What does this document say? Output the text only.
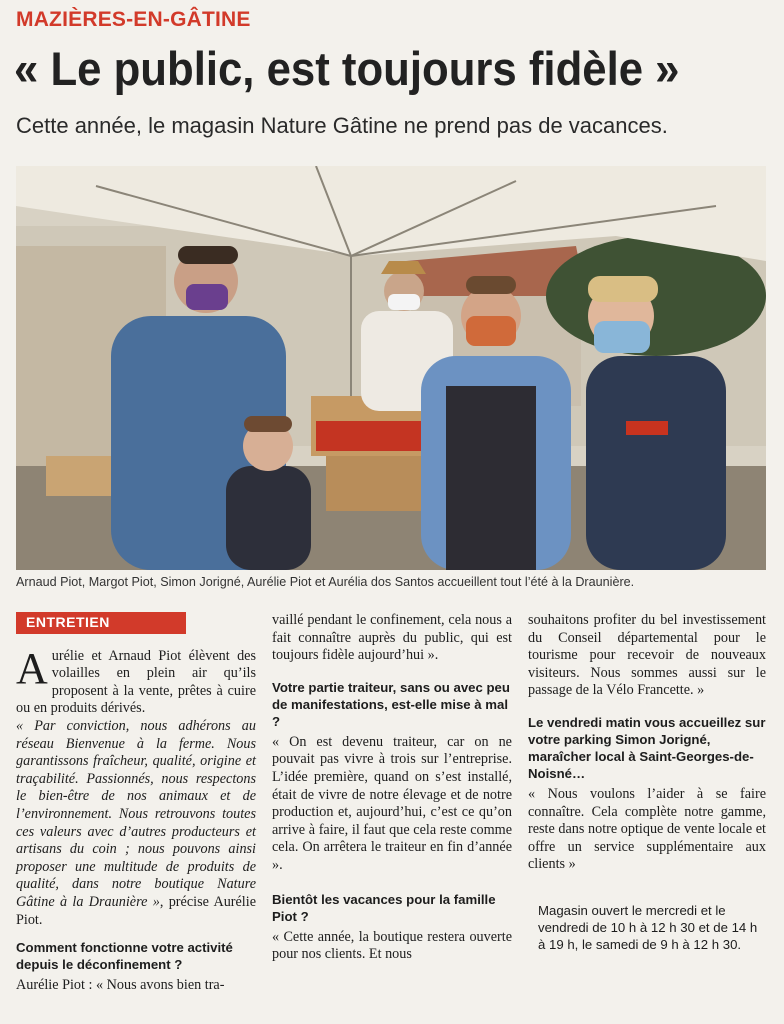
MAZIÈRES-EN-GÂTINE
« Le public, est toujours fidèle »
Cette année, le magasin Nature Gâtine ne prend pas de vacances.
Arnaud Piot, Margot Piot, Simon Jorigné, Aurélie Piot et Aurélia dos Santos accueillent tout l’été à la Draunière.
ENTRETIEN

Aurélie et Arnaud Piot élèvent des volailles en plein air qu’ils proposent à la vente, prêtes à cuire ou en produits dérivés.

« Par conviction, nous adhérons au réseau Bienvenue à la ferme. Nous garantissons fraîcheur, qualité, origine et traçabilité. Passionnés, nous respectons le bien-être de nos animaux et de l’environnement. Nous retrouvons toutes ces valeurs avec d’autres producteurs et artisans du coin ; nous pouvons ainsi proposer une multitude de produits de qualité, dans notre boutique Nature Gâtine à la Draunière », précise Aurélie Piot.

Comment fonctionne votre activité depuis le déconfinement ?

Aurélie Piot : « Nous avons bien tra-

vaillé pendant le confinement, cela nous a fait connaître auprès du public, qui est toujours fidèle aujourd’hui ».

Votre partie traiteur, sans ou avec peu de manifestations, est-elle mise à mal ?

« On est devenu traiteur, car on ne pouvait pas vivre à trois sur l’entreprise. L’idée première, quand on s’est installé, était de vivre de notre élevage et de notre production et, aujourd’hui, c’est ce qu’on arrive à faire, il faut que cela reste comme cela. On arrêtera le traiteur en fin d’année ».

Bientôt les vacances pour la famille Piot ?

« Cette année, la boutique restera ouverte pour nos clients. Et nous

souhaitons profiter du bel investissement du Conseil départemental pour le tourisme pour recevoir de nouveaux visiteurs. Nous sommes aussi sur le passage de la Vélo Francette. »

Le vendredi matin vous accueillez sur votre parking Simon Jorigné, maraîcher local à Saint-Georges-de-Noisné…

« Nous voulons l’aider à se faire connaître. Cela complète notre gamme, reste dans notre optique de vente locale et offre un service supplémentaire aux clients »

Magasin ouvert le mercredi et le vendredi de 10 h à 12 h 30 et de 14 h à 19 h, le samedi de 9 h à 12 h 30.
